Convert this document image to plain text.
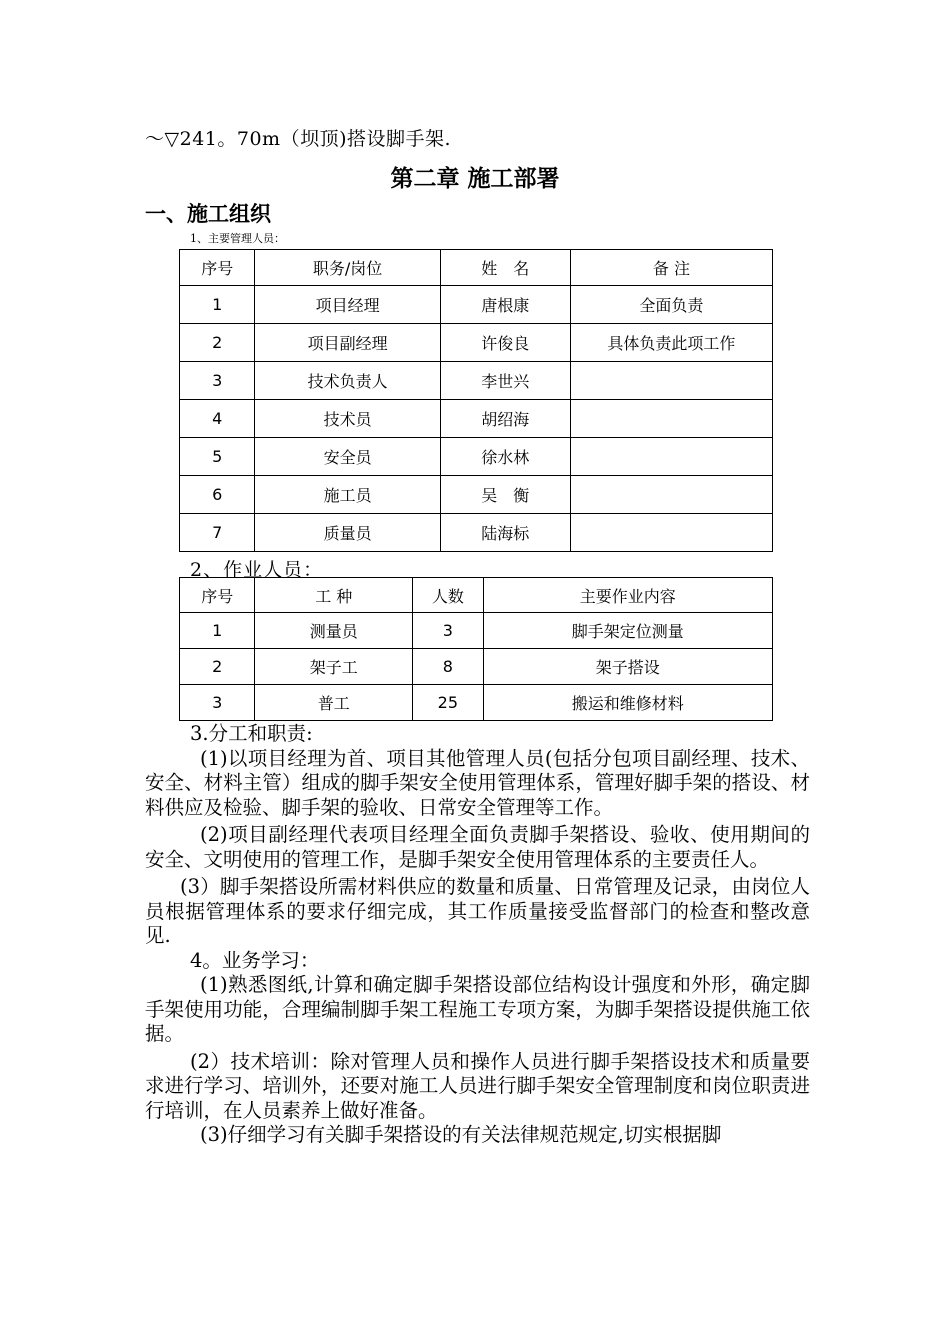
～▽241。70m（坝顶)搭设脚手架.
第二章 施工部署
一、施工组织
1、主要管理人员：
序号	职务/岗位	姓　名	备 注
1	项目经理	唐根康	全面负责
2	项目副经理	许俊良	具体负责此项工作
3	技术负责人	李世兴	
4	技术员	胡绍海	
5	安全员	徐水林	
6	施工员	吴　衡	
7	质量员	陆海标	
2、作业人员：
序号	工 种	人数	主要作业内容
1	测量员	3	脚手架定位测量
2	架子工	8	架子搭设
3	普工	25	搬运和维修材料

3.分工和职责:

(1)以项目经理为首、项目其他管理人员(包括分包项目副经理、技术、安全、材料主管）组成的脚手架安全使用管理体系，管理好脚手架的搭设、材料供应及检验、脚手架的验收、日常安全管理等工作。

(2)项目副经理代表项目经理全面负责脚手架搭设、验收、使用期间的安全、文明使用的管理工作，是脚手架安全使用管理体系的主要责任人。

(3）脚手架搭设所需材料供应的数量和质量、日常管理及记录，由岗位人员根据管理体系的要求仔细完成，其工作质量接受监督部门的检查和整改意见.

4。业务学习：

(1)熟悉图纸,计算和确定脚手架搭设部位结构设计强度和外形，确定脚手架使用功能，合理编制脚手架工程施工专项方案，为脚手架搭设提供施工依据。

(2）技术培训：除对管理人员和操作人员进行脚手架搭设技术和质量要求进行学习、培训外，还要对施工人员进行脚手架安全管理制度和岗位职责进行培训，在人员素养上做好准备。

(3)仔细学习有关脚手架搭设的有关法律规范规定,切实根据脚
